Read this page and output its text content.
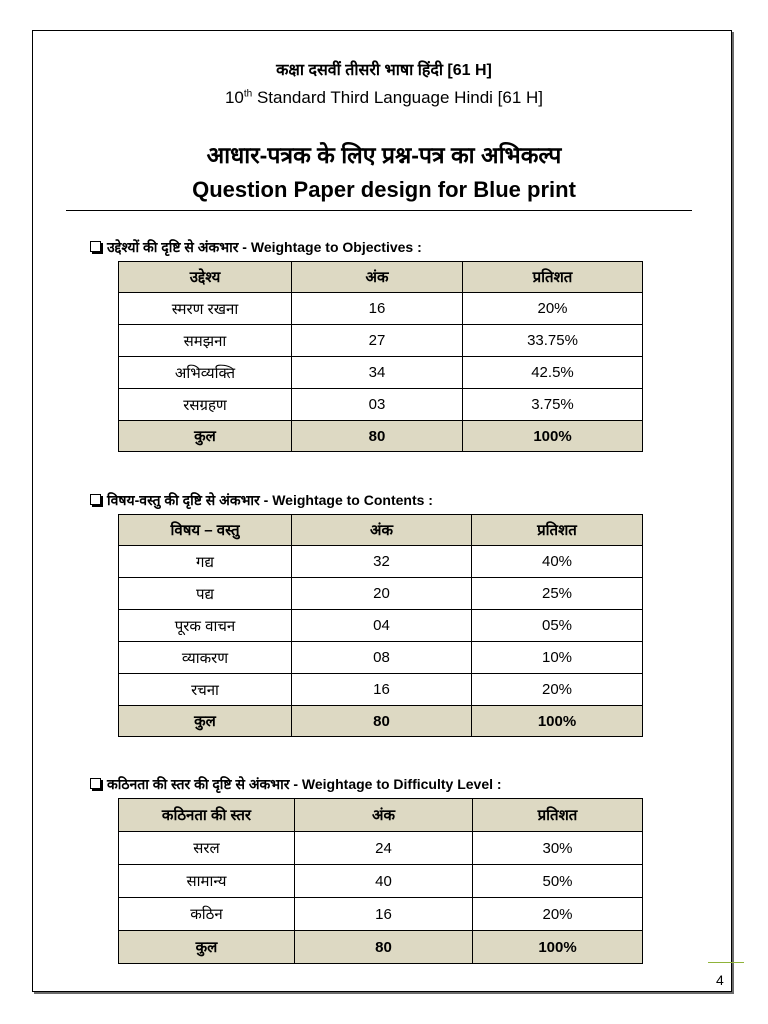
कक्षा दसवीं तीसरी भाषा हिंदी [61 H]
10th Standard Third Language Hindi [61 H]
आधार-पत्रक के लिए प्रश्न-पत्र का अभिकल्प
Question Paper design for Blue print
उद्देश्यों की दृष्टि से अंकभार - Weightage to Objectives :
उद्देश्य	अंक	प्रतिशत
स्मरण रखना	16	20%
समझना	27	33.75%
अभिव्यक्ति	34	42.5%
रसग्रहण	03	3.75%
कुल	80	100%
विषय-वस्तु की दृष्टि से अंकभार - Weightage to Contents :
विषय – वस्तु	अंक	प्रतिशत
गद्य	32	40%
पद्य	20	25%
पूरक वाचन	04	05%
व्याकरण	08	10%
रचना	16	20%
कुल	80	100%
कठिनता की स्तर की दृष्टि से अंकभार - Weightage to Difficulty Level :
कठिनता की स्तर	अंक	प्रतिशत
सरल	24	30%
सामान्य	40	50%
कठिन	16	20%
कुल	80	100%
4
